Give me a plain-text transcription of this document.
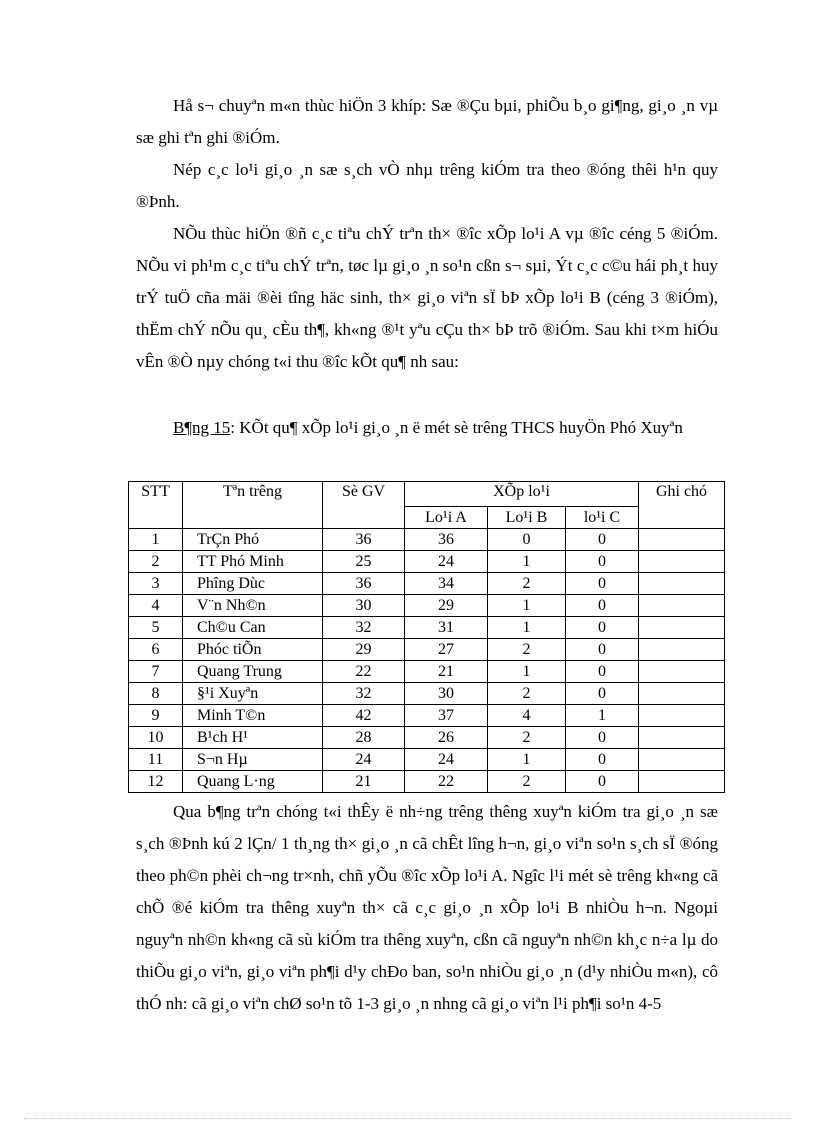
Hå s¬ chuyªn m«n thùc hiÖn 3 khíp: Sæ ®Çu bµi, phiÕu b¸o gi¶ng, gi¸o ¸n vµ sæ ghi tªn ghi ®iÓm.

Nép c¸c lo¹i gi¸o ¸n sæ s¸ch vÒ nhµ trêng kiÓm tra theo ®óng thêi h¹n quy ®Þnh.

NÕu thùc hiÖn ®ñ c¸c tiªu chÝ trªn th× ®îc xÕp lo¹i A vµ ®îc céng 5 ®iÓm. NÕu vi ph¹m c¸c tiªu chÝ trªn, tøc lµ gi¸o ¸n so¹n cßn s¬ sµi, Ýt c¸c c©u hái ph¸t huy trÝ tuÖ cña mäi ®èi tîng häc sinh, th× gi¸o viªn sÏ bÞ xÕp lo¹i B (céng 3 ®iÓm), thËm chÝ nÕu qu¸ cÈu th¶, kh«ng ®¹t yªu cÇu th× bÞ trõ ®iÓm. Sau khi t×m hiÓu vÊn ®Ò nµy chóng t«i thu ®îc kÕt qu¶ nh sau:

B¶ng 15: KÕt qu¶ xÕp lo¹i gi¸o ¸n ë mét sè trêng THCS huyÖn Phó Xuyªn

STT	Tªn trêng	Sè GV	XÕp lo¹i			Ghi chó
			Lo¹i A	Lo¹i B	lo¹i C	
1	TrÇn Phó	36	36	0	0	
2	TT Phó Minh	25	24	1	0	
3	Phîng Dùc	36	34	2	0	
4	V¨n Nh©n	30	29	1	0	
5	Ch©u Can	32	31	1	0	
6	Phóc tiÕn	29	27	2	0	
7	Quang Trung	22	21	1	0	
8	§¹i Xuyªn	32	30	2	0	
9	Minh T©n	42	37	4	1	
10	B¹ch H¹	28	26	2	0	
11	S¬n Hµ	24	24	1	0	
12	Quang L·ng	21	22	2	0	

Qua b¶ng trªn chóng t«i thÊy ë nh÷ng trêng thêng xuyªn kiÓm tra gi¸o ¸n sæ s¸ch ®Þnh kú 2 lÇn/ 1 th¸ng th× gi¸o ¸n cã chÊt lîng h¬n, gi¸o viªn so¹n s¸ch sÏ ®óng theo ph©n phèi ch¬ng tr×nh, chñ yÕu ®îc xÕp lo¹i A. Ngîc l¹i mét sè trêng kh«ng cã chÕ ®é kiÓm tra thêng xuyªn th× cã c¸c gi¸o ¸n xÕp lo¹i B nhiÒu h¬n. Ngoµi nguyªn nh©n kh«ng cã sù kiÓm tra thêng xuyªn, cßn cã nguyªn nh©n kh¸c n÷a lµ do thiÕu gi¸o viªn, gi¸o viªn ph¶i d¹y chÐo ban, so¹n nhiÒu gi¸o ¸n (d¹y nhiÒu m«n), cô thÓ nh: cã gi¸o viªn chØ so¹n tõ 1-3 gi¸o ¸n nhng cã gi¸o viªn l¹i ph¶i so¹n 4-5
